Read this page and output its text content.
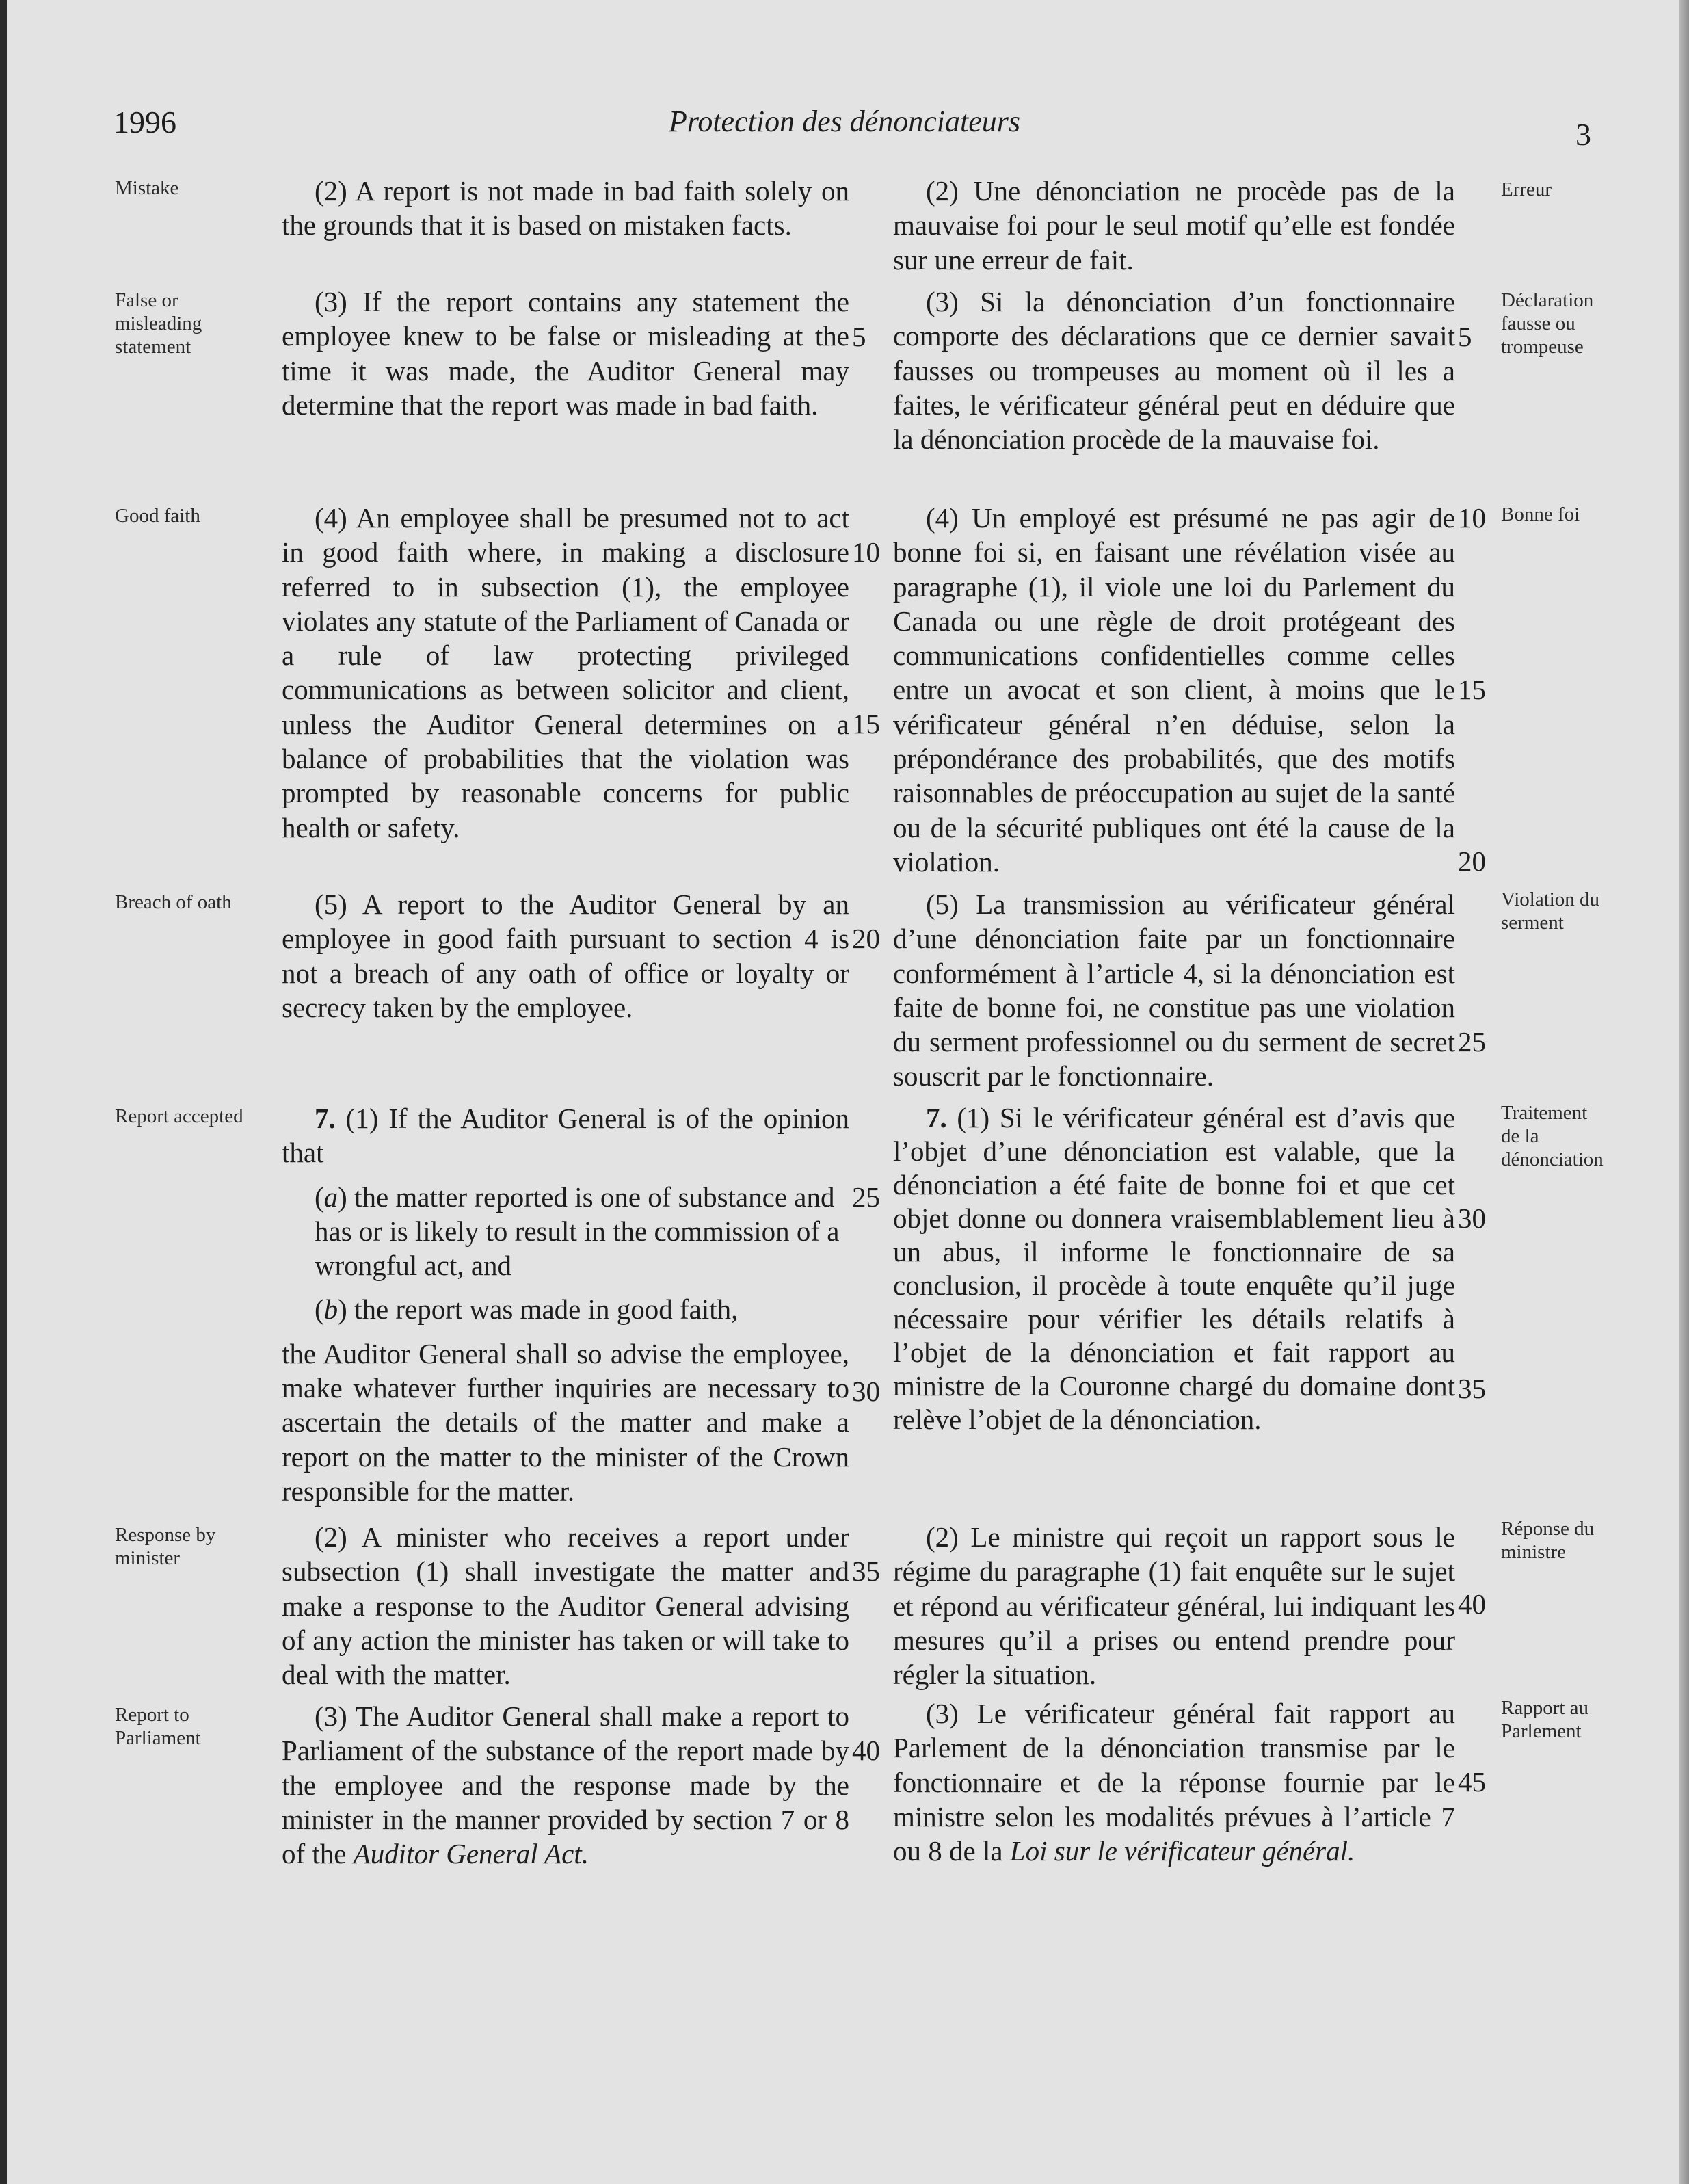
1996	Protection des dénonciateurs	3
Mistake
False or misleading statement
Good faith
Breach of oath
Report accepted
Response by minister
Report to Parliament
Erreur
Déclaration fausse ou trompeuse
Bonne foi
Violation du serment
Traitement de la dénonciation
Réponse du ministre
Rapport au Parlement

(2) A report is not made in bad faith solely on the grounds that it is based on mistaken facts.

(3) If the report contains any statement the employee knew to be false or misleading at the time it was made, the Auditor General may determine that the report was made in bad faith.

(4) An employee shall be presumed not to act in good faith where, in making a disclosure referred to in subsection (1), the employee violates any statute of the Parliament of Canada or a rule of law protecting privileged communications as between solicitor and client, unless the Auditor General determines on a balance of probabilities that the violation was prompted by reasonable concerns for public health or safety.

(5) A report to the Auditor General by an employee in good faith pursuant to section 4 is not a breach of any oath of office or loyalty or secrecy taken by the employee.

7. (1) If the Auditor General is of the opinion that

(a) the matter reported is one of substance and has or is likely to result in the commission of a wrongful act, and

(b) the report was made in good faith,

the Auditor General shall so advise the employee, make whatever further inquiries are necessary to ascertain the details of the matter and make a report on the matter to the minister of the Crown responsible for the matter.

(2) A minister who receives a report under subsection (1) shall investigate the matter and make a response to the Auditor General advising of any action the minister has taken or will take to deal with the matter.

(3) The Auditor General shall make a report to Parliament of the substance of the report made by the employee and the response made by the minister in the manner provided by section 7 or 8 of the Auditor General Act.

(2) Une dénonciation ne procède pas de la mauvaise foi pour le seul motif qu’elle est fondée sur une erreur de fait.

(3) Si la dénonciation d’un fonctionnaire comporte des déclarations que ce dernier savait fausses ou trompeuses au moment où il les a faites, le vérificateur général peut en déduire que la dénonciation procède de la mauvaise foi.

(4) Un employé est présumé ne pas agir de bonne foi si, en faisant une révélation visée au paragraphe (1), il viole une loi du Parlement du Canada ou une règle de droit protégeant des communications confidentielles comme celles entre un avocat et son client, à moins que le vérificateur général n’en déduise, selon la prépondérance des probabilités, que des motifs raisonnables de préoccupation au sujet de la santé ou de la sécurité publiques ont été la cause de la violation.

(5) La transmission au vérificateur général d’une dénonciation faite par un fonctionnaire conformément à l’article 4, si la dénonciation est faite de bonne foi, ne constitue pas une violation du serment professionnel ou du serment de secret souscrit par le fonctionnaire.

7. (1) Si le vérificateur général est d’avis que l’objet d’une dénonciation est valable, que la dénonciation a été faite de bonne foi et que cet objet donne ou donnera vraisemblablement lieu à un abus, il informe le fonctionnaire de sa conclusion, il procède à toute enquête qu’il juge nécessaire pour vérifier les détails relatifs à l’objet de la dénonciation et fait rapport au ministre de la Couronne chargé du domaine dont relève l’objet de la dénonciation.

(2) Le ministre qui reçoit un rapport sous le régime du paragraphe (1) fait enquête sur le sujet et répond au vérificateur général, lui indiquant les mesures qu’il a prises ou entend prendre pour régler la situation.

(3) Le vérificateur général fait rapport au Parlement de la dénonciation transmise par le fonctionnaire et de la réponse fournie par le ministre selon les modalités prévues à l’article 7 ou 8 de la Loi sur le vérificateur général.

5
10
15
20
25
30
35
40
5
10
15
20
25
30
35
40
45
